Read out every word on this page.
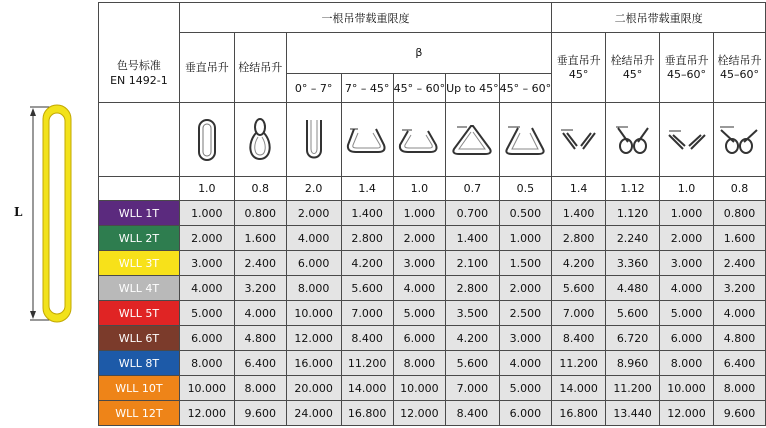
L
色号标准
EN 1492-1	一根吊带载重限度							二根吊带载重限度			
	垂直吊升	栓结吊升	β					垂直吊升 45°	栓结吊升 45°	垂直吊升 45–60°	栓结吊升 45–60°
			0° – 7°	7° – 45°	45° – 60°	Up to 45°	45° – 60°				

	1.0	0.8	2.0	1.4	1.0	0.7	0.5	1.4	1.12	1.0	0.8
WLL 1T	1.000	0.800	2.000	1.400	1.000	0.700	0.500	1.400	1.120	1.000	0.800
WLL 2T	2.000	1.600	4.000	2.800	2.000	1.400	1.000	2.800	2.240	2.000	1.600
WLL 3T	3.000	2.400	6.000	4.200	3.000	2.100	1.500	4.200	3.360	3.000	2.400
WLL 4T	4.000	3.200	8.000	5.600	4.000	2.800	2.000	5.600	4.480	4.000	3.200
WLL 5T	5.000	4.000	10.000	7.000	5.000	3.500	2.500	7.000	5.600	5.000	4.000
WLL 6T	6.000	4.800	12.000	8.400	6.000	4.200	3.000	8.400	6.720	6.000	4.800
WLL 8T	8.000	6.400	16.000	11.200	8.000	5.600	4.000	11.200	8.960	8.000	6.400
WLL 10T	10.000	8.000	20.000	14.000	10.000	7.000	5.000	14.000	11.200	10.000	8.000
WLL 12T	12.000	9.600	24.000	16.800	12.000	8.400	6.000	16.800	13.440	12.000	9.600
